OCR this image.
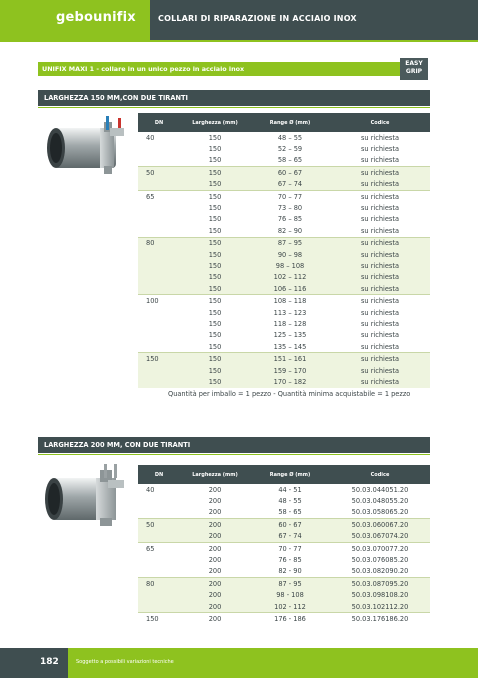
gebounifix	COLLARI DI RIPARAZIONE IN ACCIAIO INOX
UNIFIX MAXI 1 - collare in un unico pezzo in acciaio inox
EASY
GRIP
LARGHEZZA 150 MM,CON DUE TIRANTI
DN	Larghezza (mm)	Range Ø (mm)	Codice
40	150	48 – 55	su richiesta
	150	52 – 59	su richiesta
	150	58 – 65	su richiesta
50	150	60 – 67	su richiesta
	150	67 – 74	su richiesta
65	150	70 – 77	su richiesta
	150	73 – 80	su richiesta
	150	76 – 85	su richiesta
	150	82 – 90	su richiesta
80	150	87 – 95	su richiesta
	150	90 – 98	su richiesta
	150	98 – 108	su richiesta
	150	102 – 112	su richiesta
	150	106 – 116	su richiesta
100	150	108 – 118	su richiesta
	150	113 – 123	su richiesta
	150	118 – 128	su richiesta
	150	125 – 135	su richiesta
	150	135 – 145	su richiesta
150	150	151 – 161	su richiesta
	150	159 – 170	su richiesta
	150	170 – 182	su richiesta
Quantità per imballo = 1 pezzo - Quantità minima acquistabile = 1 pezzo
LARGHEZZA 200 MM, CON DUE TIRANTI
DN	Larghezza (mm)	Range Ø (mm)	Codice
40	200	44 - 51	50.03.044051.20
	200	48 - 55	50.03.048055.20
	200	58 - 65	50.03.058065.20
50	200	60 - 67	50.03.060067.20
	200	67 - 74	50.03.067074.20
65	200	70 - 77	50.03.070077.20
	200	76 - 85	50.03.076085.20
	200	82 - 90	50.03.082090.20
80	200	87 - 95	50.03.087095.20
	200	98 - 108	50.03.098108.20
	200	102 - 112	50.03.102112.20
150	200	176 - 186	50.03.176186.20
182	Soggetto a possibili variazioni tecniche
